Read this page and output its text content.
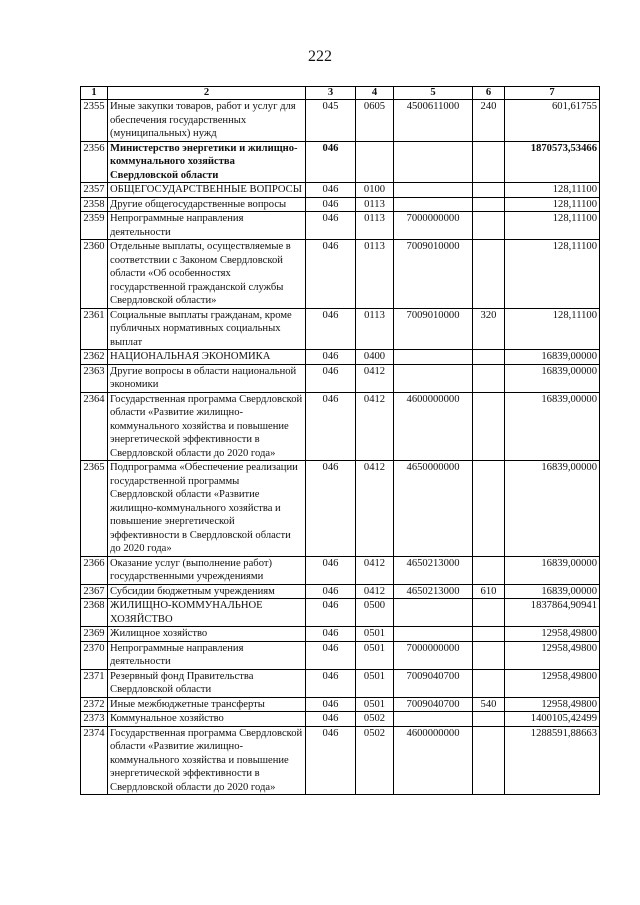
222
1	2	3	4	5	6	7
2355	Иные закупки товаров, работ и услуг для обеспечения государственных (муниципальных) нужд	045	0605	4500611000	240	601,61755
2356	Министерство энергетики и жилищно-коммунального хозяйства Свердловской области	046				1870573,53466
2357	ОБЩЕГОСУДАРСТВЕННЫЕ ВОПРОСЫ	046	0100			128,11100
2358	Другие общегосударственные вопросы	046	0113			128,11100
2359	Непрограммные направления деятельности	046	0113	7000000000		128,11100
2360	Отдельные выплаты, осуществляемые в соответствии с Законом Свердловской области «Об особенностях государственной гражданской службы Свердловской области»	046	0113	7009010000		128,11100
2361	Социальные выплаты гражданам, кроме публичных нормативных социальных выплат	046	0113	7009010000	320	128,11100
2362	НАЦИОНАЛЬНАЯ ЭКОНОМИКА	046	0400			16839,00000
2363	Другие вопросы в области национальной экономики	046	0412			16839,00000
2364	Государственная программа Свердловской области «Развитие жилищно-коммунального хозяйства и повышение энергетической эффективности в Свердловской области до 2020 года»	046	0412	4600000000		16839,00000
2365	Подпрограмма «Обеспечение реализации государственной программы Свердловской области «Развитие жилищно-коммунального хозяйства и повышение энергетической эффективности в Свердловской области до 2020 года»	046	0412	4650000000		16839,00000
2366	Оказание услуг (выполнение работ) государственными учреждениями	046	0412	4650213000		16839,00000
2367	Субсидии бюджетным учреждениям	046	0412	4650213000	610	16839,00000
2368	ЖИЛИЩНО-КОММУНАЛЬНОЕ ХОЗЯЙСТВО	046	0500			1837864,90941
2369	Жилищное хозяйство	046	0501			12958,49800
2370	Непрограммные направления деятельности	046	0501	7000000000		12958,49800
2371	Резервный фонд Правительства Свердловской области	046	0501	7009040700		12958,49800
2372	Иные межбюджетные трансферты	046	0501	7009040700	540	12958,49800
2373	Коммунальное хозяйство	046	0502			1400105,42499
2374	Государственная программа Свердловской области «Развитие жилищно-коммунального хозяйства и повышение энергетической эффективности в Свердловской области до 2020 года»	046	0502	4600000000		1288591,88663
